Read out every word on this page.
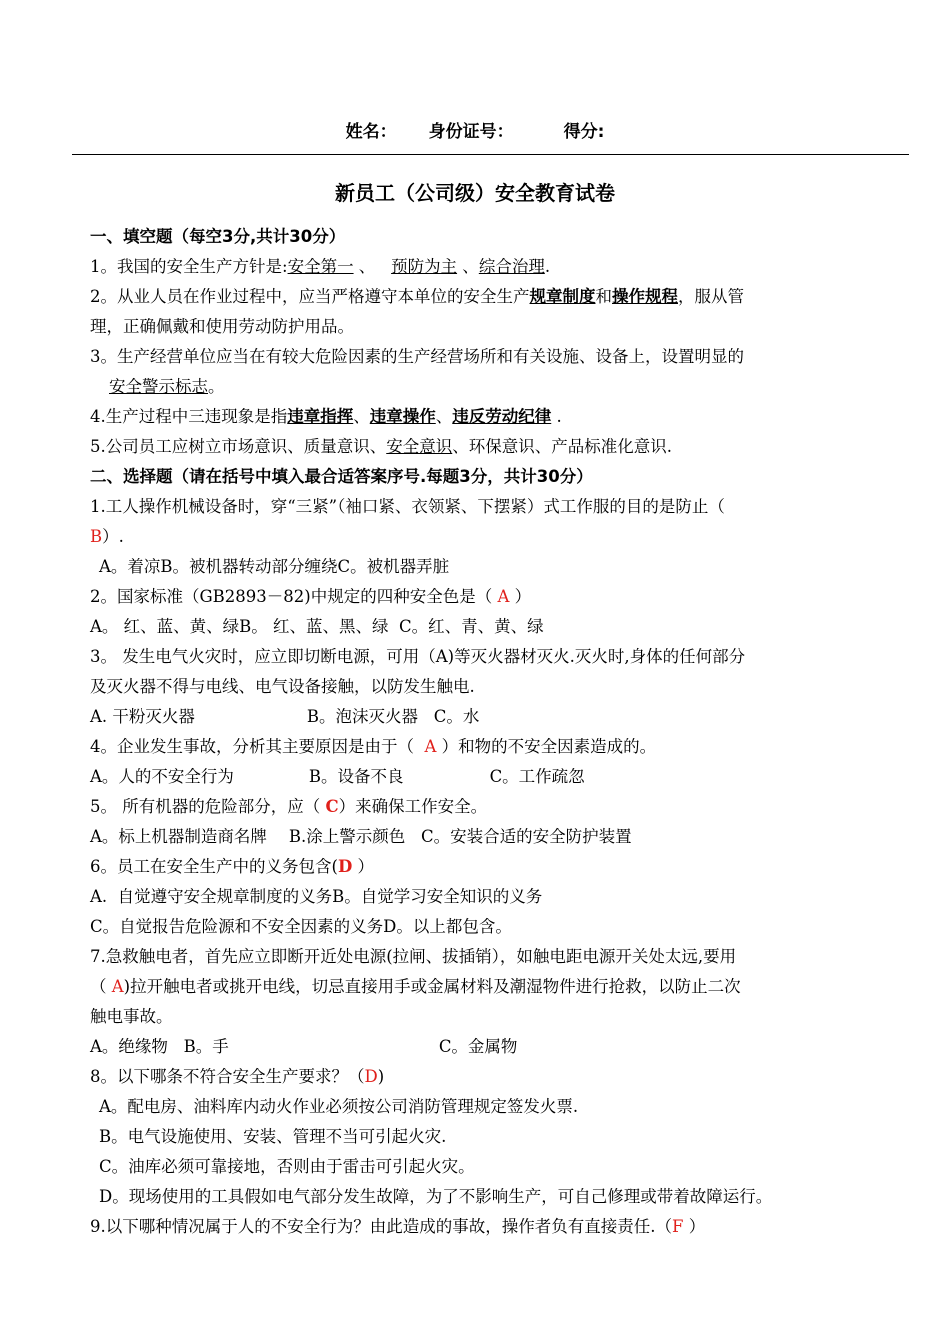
姓名： 身份证号：	得分:
新员工（公司级）安全教育试卷
一、填空题（每空3分,共计30分）
1。我国的安全生产方针是:安全第一 、   预防为主 、综合治理.
2。从业人员在作业过程中，应当严格遵守本单位的安全生产规章制度和操作规程，服从管
理，正确佩戴和使用劳动防护用品。
3。生产经营单位应当在有较大危险因素的生产经营场所和有关设施、设备上，设置明显的
安全警示标志。
4.生产过程中三违现象是指违章指挥、违章操作、违反劳动纪律 .
5.公司员工应树立市场意识、质量意识、安全意识、环保意识、产品标准化意识.
二、选择题（请在括号中填入最合适答案序号.每题3分，共计30分）
1.工人操作机械设备时，穿“三紧”（袖口紧、衣领紧、下摆紧）式工作服的目的是防止（
B）.
A。着凉B。被机器转动部分缠绕C。被机器弄脏
2。国家标准（GB2893－82)中规定的四种安全色是（ A ）
A。 红、蓝、黄、绿B。 红、蓝、黑、绿  C。红、青、黄、绿
3。 发生电气火灾时，应立即切断电源，可用（A)等灭火器材灭火.灭火时,身体的任何部分
及灭火器不得与电线、电气设备接触，以防发生触电.
A. 干粉灭火器	B。泡沫灭火器 C。水
4。企业发生事故，分析其主要原因是由于（  A ）和物的不安全因素造成的。
A。人的不安全行为	B。设备不良	C。工作疏忽
5。 所有机器的危险部分，应（ C）来确保工作安全。
A。标上机器制造商名牌 B.涂上警示颜色 C。安装合适的安全防护装置
6。员工在安全生产中的义务包含(D ）
A.  自觉遵守安全规章制度的义务B。自觉学习安全知识的义务
C。自觉报告危险源和不安全因素的义务D。以上都包含。
7.急救触电者，首先应立即断开近处电源(拉闸、拔插销），如触电距电源开关处太远,要用
（ A)拉开触电者或挑开电线，切忌直接用手或金属材料及潮湿物件进行抢救，以防止二次
触电事故。
A。绝缘物 B。手	C。金属物
8。以下哪条不符合安全生产要求？（D)
A。配电房、油料库内动火作业必须按公司消防管理规定签发火票.
B。电气设施使用、安装、管理不当可引起火灾.
C。油库必须可靠接地，否则由于雷击可引起火灾。
D。现场使用的工具假如电气部分发生故障，为了不影响生产，可自己修理或带着故障运行。
9.以下哪种情况属于人的不安全行为？由此造成的事故，操作者负有直接责任.（F ）
